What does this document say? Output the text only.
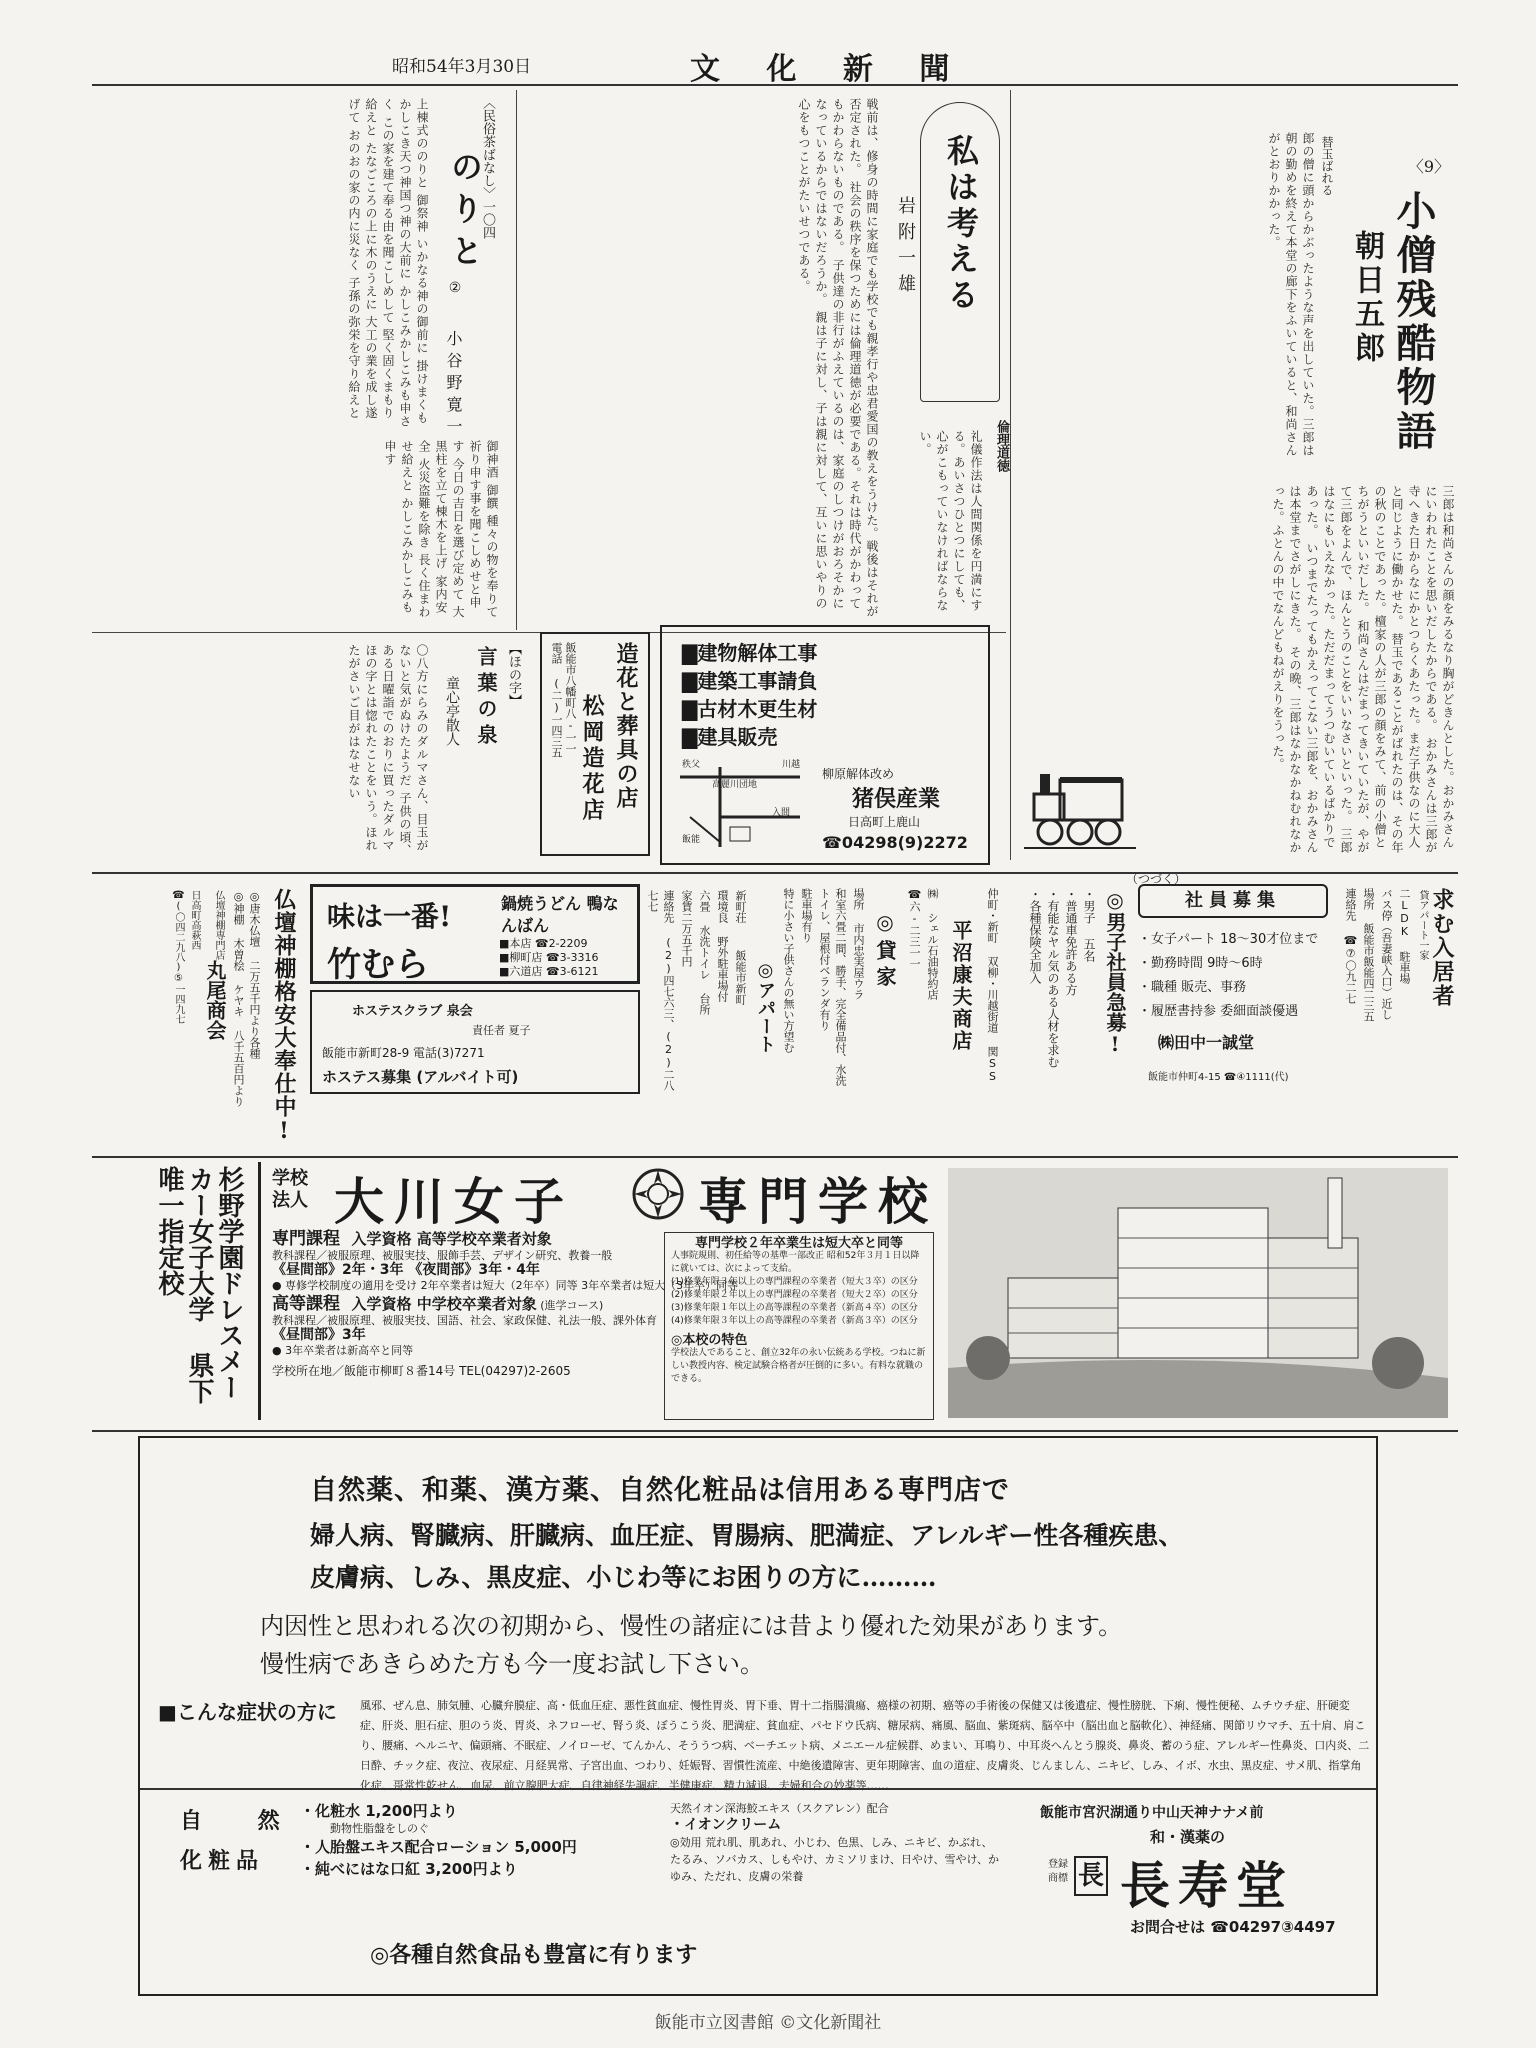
昭和54年3月30日	文 化 新 聞
〈9〉
小僧残酷物語
朝日五郎
替玉ばれる
郎の僧に頭からかぶったような声を出していた。三郎は朝の勤めを終えて本堂の廊下をふいていると、和尚さんがとおりかかった。
三郎は和尚さんの顔をみるなり胸がどきんとした。おかみさんにいわれたことを思いだしたからである。 おかみさんは三郎が寺へきた日からなにかとつらくあたった。まだ子供なのに大人と同じように働かせた。 替玉であることがばれたのは、その年の秋のことであった。檀家の人が三郎の顔をみて、前の小僧とちがうといいだした。 和尚さんはだまってきいていたが、やがて三郎をよんで、ほんとうのことをいいなさいといった。 三郎はなにもいえなかった。ただだまってうつむいているばかりであった。 いつまでたってもかえってこない三郎を、おかみさんは本堂までさがしにきた。 その晩、三郎はなかなかねむれなかった。ふとんの中でなんどもねがえりをうった。
（つづく）
私は考える
岩附一雄
倫理道徳
戦前は、修身の時間に家庭でも学校でも親孝行や忠君愛国の教えをうけた。戦後はそれが否定された。 社会の秩序を保つためには倫理道徳が必要である。それは時代がかわってもかわらないものである。 子供達の非行がふえているのは、家庭のしつけがおろそかになっているからではないだろうか。 親は子に対し、子は親に対して、互いに思いやりの心をもつことがたいせつである。
礼儀作法は人間関係を円満にする。あいさつひとつにしても、心がこもっていなければならない。
〈民俗茶ばなし〉一〇四
のりと
②
小谷野寛一
上棟式ののりと 御祭神 いかなる神の御前に 掛けまくもかしこき天つ神国つ神の大前に かしこみかしこみも申さく この家を建て奉る由を聞こしめして 堅く固くまもり給えと たなごころの上に木のうえに 大工の業を成し遂げて おのおの家の内に災なく 子孫の弥栄を守り給えと
御神酒 御饌 種々の物を奉りて 祈り申す事を聞こしめせと申す 今日の吉日を選び定めて 大黒柱を立て棟木を上げ 家内安全 火災盗難を除き 長く住まわせ給えと かしこみかしこみも申す
【ほの字】
言葉の泉
童心亭散人
〇八方にらみのダルマさん、目玉がないと気がぬけたようだ 子供の頃、ある日曜詣でのおりに買ったダルマ ほの字とは惚れたことをいう。ほれたがさいご目がはなせない	造花と葬具の店
飯能市八幡町八-一一
電話 (二)一四三五 松岡造花店
▇建物解体工事
▇建築工事請負
▇古材木更生材
▇建具販売
高麗川団地
秩父	川越
入間
飯能
柳原解体改め
猪俣産業
日高町上鹿山
☎04298(9)2272
仏壇神棚格安大奉仕中!
◎唐木仏壇 二万五千円より各種
◎神棚 木曽桧 ケヤキ 八千五百円より
仏壇神棚専門店
丸尾商会
日高町高萩西
☎(〇四二九八)⑤一四九七	味は一番!	鍋焼うどん 鴨なんばん
竹むら
■本店 ☎2-2209
■柳町店 ☎3-3316
■六道店 ☎3-6121
ホステスクラブ 泉会
責任者 夏子
飯能市新町28-9 電話(3)7271
ホステス募集 (アルバイト可)
◎アパート
新町荘
飯能市新町
環境良 野外駐車場付
六畳 水洗トイレ 台所
家賃二万五千円
連絡先 (2)四七六三、(2)二八七七
◎貸家
場所 市内忠実屋ウラ
和室六畳二間、勝手、完全備品付、水洗トイレ、屋根付ベランダ有り
駐車場有り
特に小さい子供さんの無い方望む	仲町・新町 双柳・川越街道 関SS
平沼康夫商店
㈱ シェル石油特約店
☎六-二三一一	◎男子社員急募!
・男子 五名
・普通車免許ある方
・有能なヤル気のある人材を求む
・各種保険全加入	社員募集
・女子パート 18〜30才位まで
・勤務時間 9時〜6時
・職種 販売、事務
・履歴書持参 委細面談優遇
㈱田中一誠堂
飯能市仲町4-15 ☎④1111(代)
求む入居者
貸アパート一家
二LDK 駐車場
バス停（吾妻峡入口）近し
場所 飯能市飯能四二三五
連絡先 ☎⑦〇九二七
杉野学園ドレスメーカー女子大学 県下唯一指定校	学校法人 大川女子 専門学校
専門課程 入学資格 高等学校卒業者対象
教科課程／被服原理、被服実技、服飾手芸、デザイン研究、教養一般
《昼間部》2年・3年 《夜間部》3年・4年
● 専修学校制度の適用を受け 2年卒業者は短大（2年卒）同等 3年卒業者は短大（3年卒）同等
高等課程 入学資格 中学校卒業者対象 (進学コース)
教科課程／被服原理、被服実技、国語、社会、家政保健、礼法一般、課外体育
《昼間部》3年
● 3年卒業者は新高卒と同等
学校所在地／飯能市柳町８番14号 TEL(04297)2-2605
専門学校２年卒業生は短大卒と同等
人事院規則、初任給等の基準一部改正 昭和52年３月１日以降に就いては、次によって支給。
(1)修業年限３年以上の専門課程の卒業者（短大３卒）の区分
(2)修業年限２年以上の専門課程の卒業者（短大２卒）の区分
(3)修業年限１年以上の高等課程の卒業者（新高４卒）の区分
(4)修業年限３年以上の高等課程の卒業者（新高３卒）の区分
◎本校の特色
学校法人であること、創立32年の永い伝統ある学校。つねに新しい教授内容、検定試験合格者が圧倒的に多い。有料な就職のできる。
自然薬、和薬、漢方薬、自然化粧品は信用ある専門店で
婦人病、腎臓病、肝臓病、血圧症、胃腸病、肥満症、アレルギー性各種疾患、
皮膚病、しみ、黒皮症、小じわ等にお困りの方に………
内因性と思われる次の初期から、慢性の諸症には昔より優れた効果があります。
慢性病であきらめた方も今一度お試し下さい。
■こんな症状の方に 風邪、ぜん息、肺気腫、心臓弁膜症、高・低血圧症、悪性貧血症、慢性胃炎、胃下垂、胃十二指腸潰瘍、癌様の初期、癌等の手術後の保健又は後遺症、慢性膀胱、下痢、慢性便秘、ムチウチ症、肝硬変症、肝炎、胆石症、胆のう炎、胃炎、ネフローゼ、腎う炎、ぼうこう炎、肥満症、貧血症、パセドウ氏病、糖尿病、痛風、脳血、紫斑病、脳卒中（脳出血と脳軟化）、神経痛、関節リウマチ、五十肩、肩こり、腰痛、ヘルニヤ、偏頭痛、不眠症、ノイローゼ、てんかん、そううつ病、ベーチエット病、メニエール症候群、めまい、耳鳴り、中耳炎へんとう腺炎、鼻炎、蓄のう症、アレルギー性鼻炎、口内炎、二日酔、チック症、夜泣、夜尿症、月経異常、子宮出血、つわり、妊娠腎、習慣性流産、中絶後遺障害、更年期障害、血の道症、皮膚炎、じんましん、ニキビ、しみ、イボ、水虫、黒皮症、サメ肌、指掌角化症、哥常性乾せん、血尿、前立腺肥大症、自律神経失調症、半健康症、精力減退、夫婦和合の妙薬等……
自 然
化粧品
・化粧水 1,200円より
動物性脂盤をしのぐ
・人胎盤エキス配合ローション 5,000円
・純べにはな口紅 3,200円より
天然イオン深海鮫エキス（スクアレン）配合
・イオンクリーム
◎効用 荒れ肌、肌あれ、小じわ、色黒、しみ、ニキビ、かぶれ、たるみ、ソバカス、しもやけ、カミソリまけ、日やけ、雪やけ、かゆみ、ただれ、皮膚の栄養
◎各種自然食品も豊富に有ります
飯能市宮沢湖通り中山天神ナナメ前
和・漢薬の
登録商標 長 長寿堂
お問合せは ☎04297③4497
飯能市立図書館 ©文化新聞社
